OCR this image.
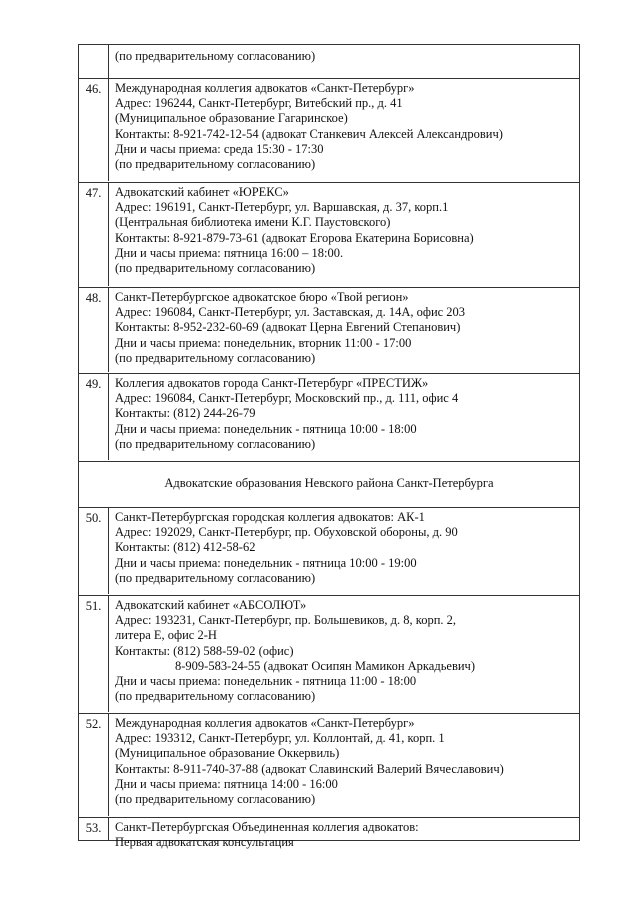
(по предварительному согласованию)
46.	Международная коллегия адвокатов «Санкт-Петербург»
Адрес: 196244, Санкт-Петербург, Витебский пр., д. 41
(Муниципальное образование Гагаринское)
Контакты: 8-921-742-12-54 (адвокат Станкевич Алексей Александрович)
Дни и часы приема: среда 15:30 - 17:30
(по предварительному согласованию)
47.	Адвокатский кабинет «ЮРЕКС»
Адрес: 196191, Санкт-Петербург, ул. Варшавская, д. 37, корп.1
(Центральная библиотека имени К.Г. Паустовского)
Контакты: 8-921-879-73-61 (адвокат Егорова Екатерина Борисовна)
Дни и часы приема: пятница 16:00 – 18:00.
(по предварительному согласованию)
48.	Санкт-Петербургское адвокатское бюро «Твой регион»
Адрес: 196084, Санкт-Петербург, ул. Заставская, д. 14А, офис 203
Контакты: 8-952-232-60-69 (адвокат Церна Евгений Степанович)
Дни и часы приема: понедельник, вторник 11:00 - 17:00
(по предварительному согласованию)
49.	Коллегия адвокатов города Санкт-Петербург «ПРЕСТИЖ»
Адрес: 196084, Санкт-Петербург, Московский пр., д. 111, офис 4
Контакты: (812) 244-26-79
Дни и часы приема: понедельник - пятница 10:00 - 18:00
(по предварительному согласованию)
Адвокатские образования Невского района Санкт-Петербурга
50.	Санкт-Петербургская городская коллегия адвокатов: АК-1
Адрес: 192029, Санкт-Петербург, пр. Обуховской обороны, д. 90
Контакты: (812) 412-58-62
Дни и часы приема: понедельник - пятница 10:00 - 19:00
(по предварительному согласованию)
51.	Адвокатский кабинет «АБСОЛЮТ»
Адрес: 193231, Санкт-Петербург, пр. Большевиков, д. 8, корп. 2,
литера Е, офис 2-Н
Контакты: (812) 588-59-02 (офис)
8-909-583-24-55 (адвокат Осипян Мамикон Аркадьевич)
Дни и часы приема: понедельник - пятница 11:00 - 18:00
(по предварительному согласованию)
52.	Международная коллегия адвокатов «Санкт-Петербург»
Адрес: 193312, Санкт-Петербург, ул. Коллонтай, д. 41, корп. 1
(Муниципальное образование Оккервиль)
Контакты: 8-911-740-37-88 (адвокат Славинский Валерий Вячеславович)
Дни и часы приема: пятница 14:00 - 16:00
(по предварительному согласованию)
53.	Санкт-Петербургская Объединенная коллегия адвокатов:
Первая адвокатская консультация
